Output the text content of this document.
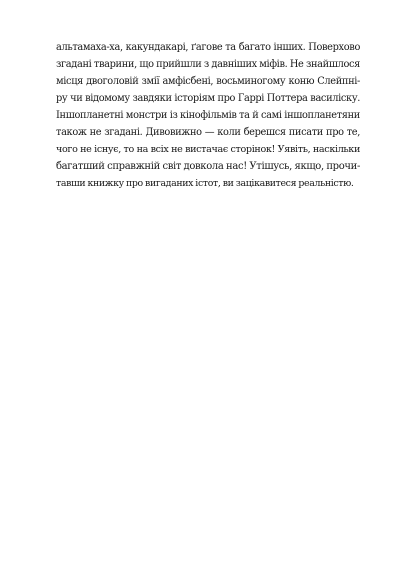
альтамаха-ха, какундакарі, ґагове та багато інших. Поверхово
згадані тварини, що прийшли з давніших міфів. Не знайшлося
місця двоголовій змії амфісбені, восьминогому коню Слейпні-
ру чи відомому завдяки історіям про Гаррі Поттера василіску.
Іншопланетні монстри із кінофільмів та й самі іншопланетяни
також не згадані. Дивовижно — коли берешся писати про те,
чого не існує, то на всіх не вистачає сторінок! Уявіть, наскільки
багатший справжній світ довкола нас! Утішусь, якщо, прочи-
тавши книжку про вигаданих істот, ви зацікавитеся реальністю.
